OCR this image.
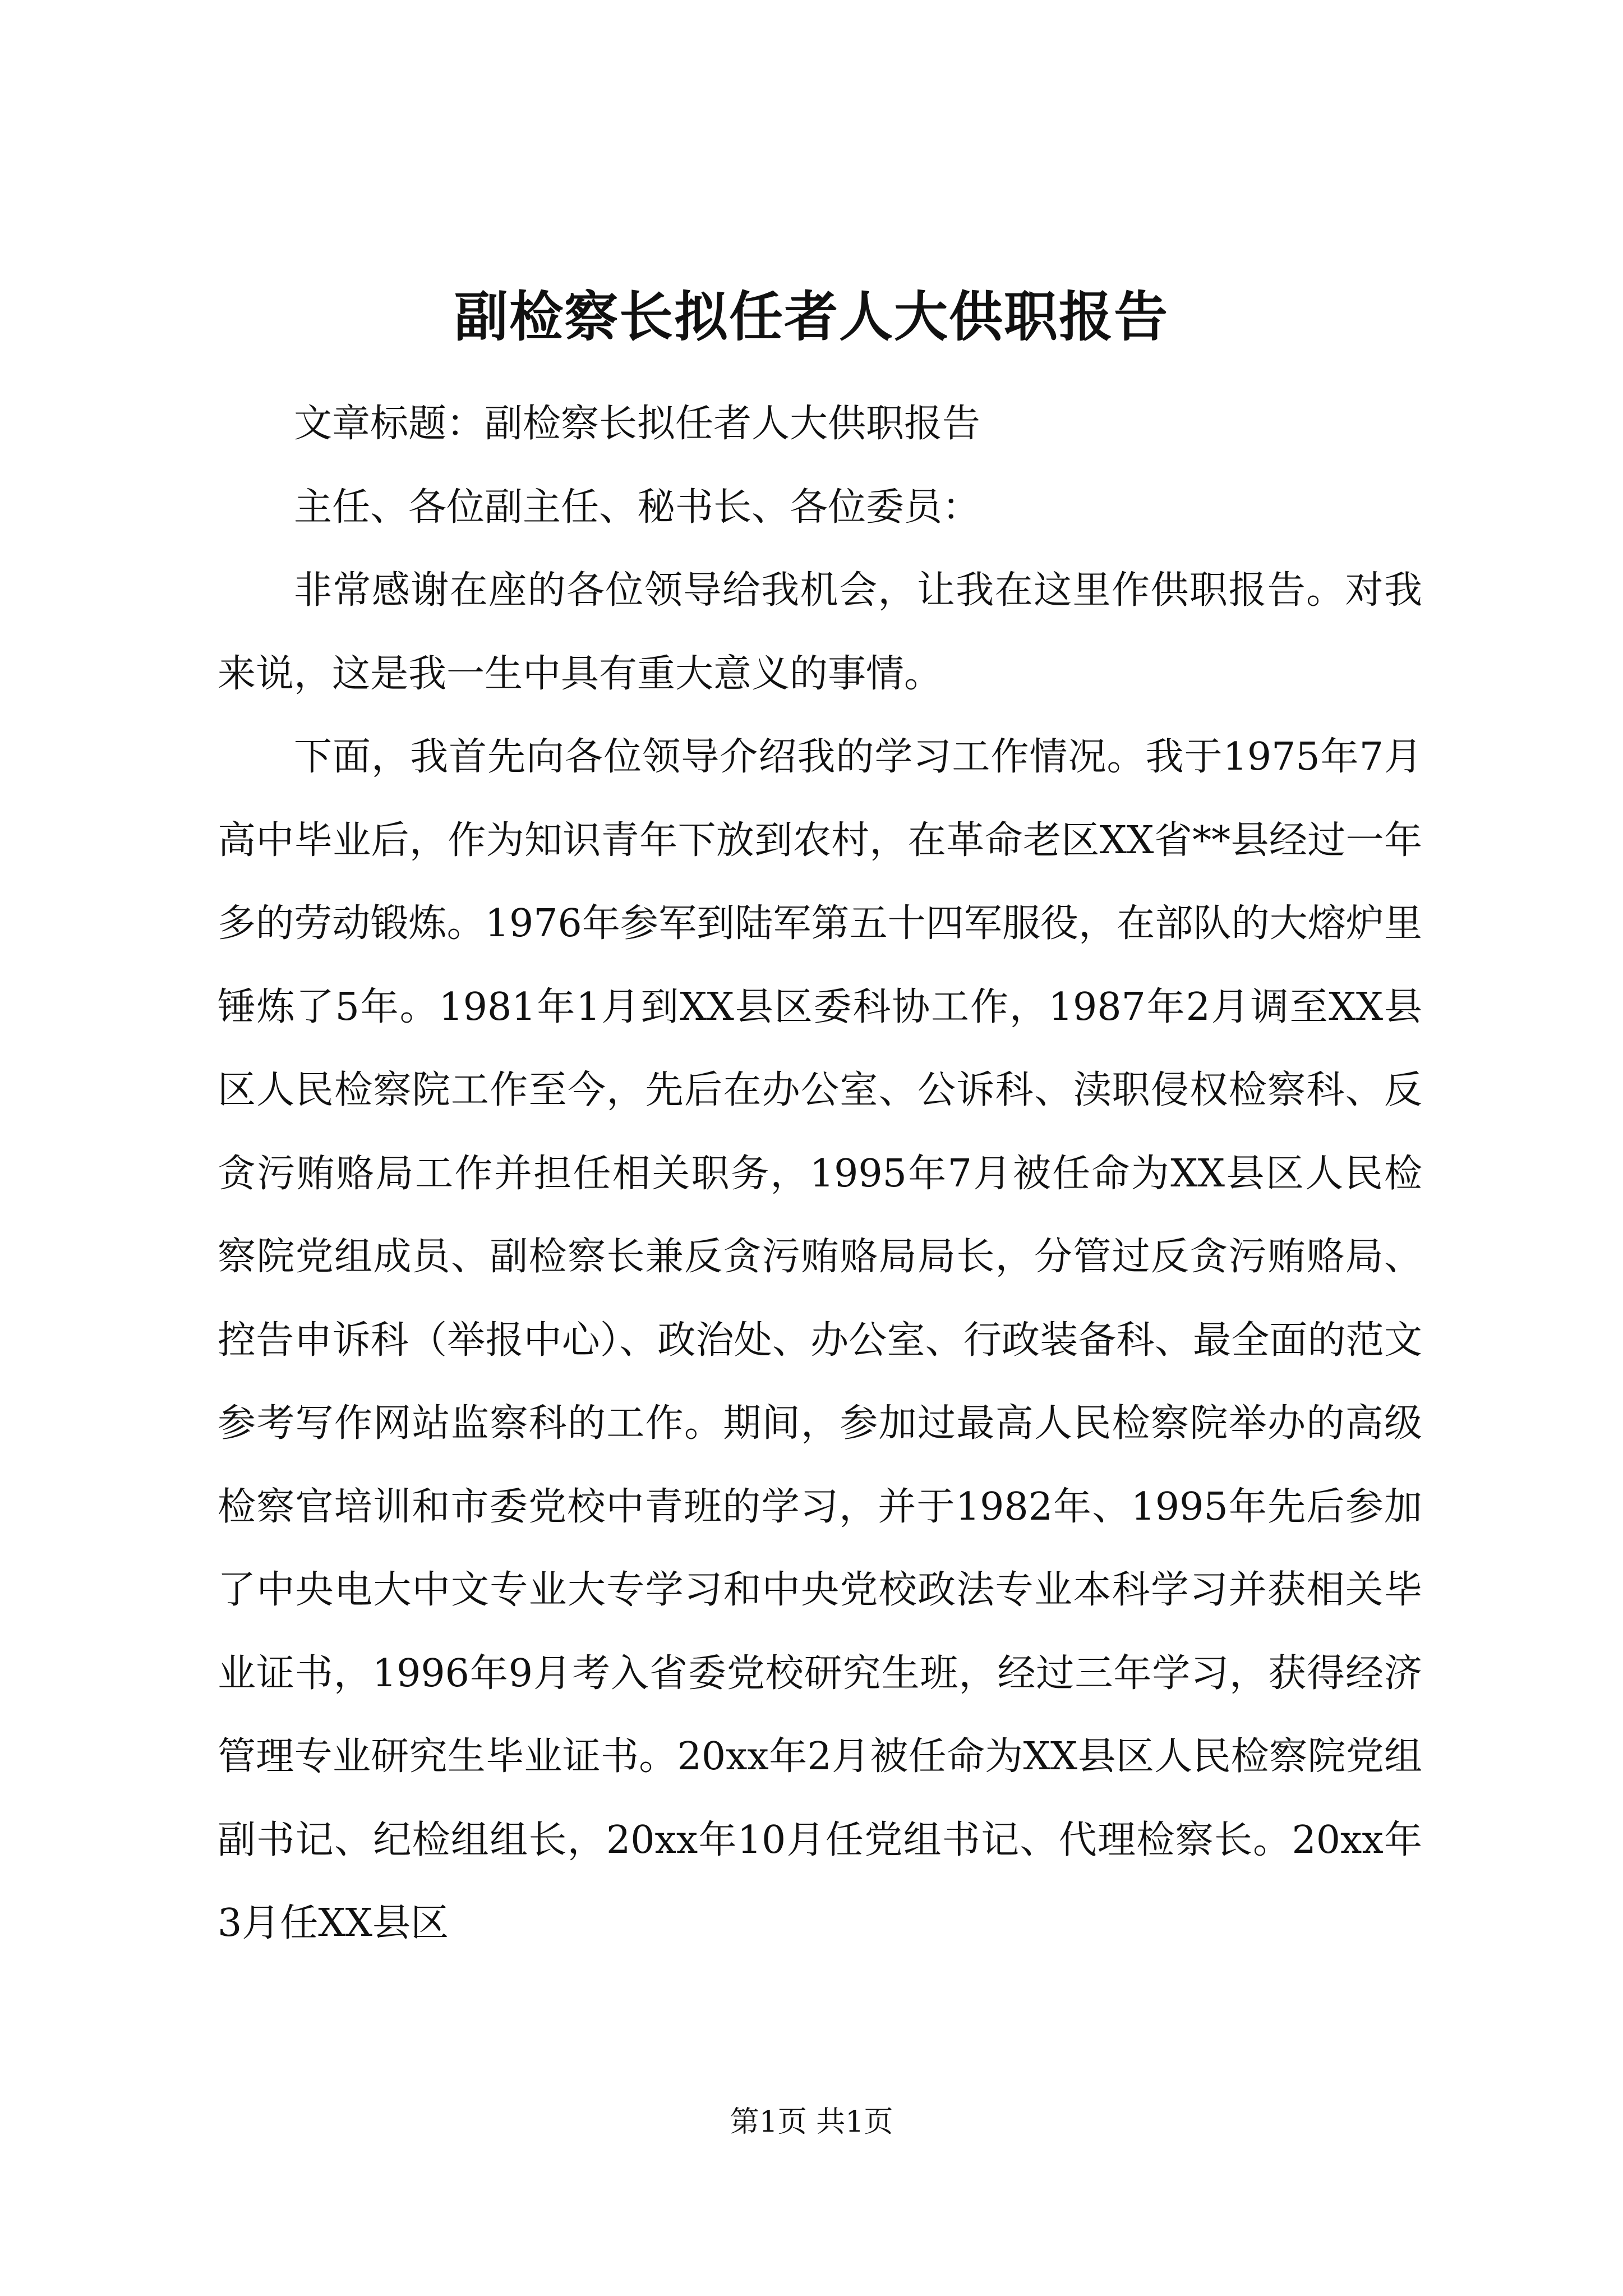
副检察长拟任者人大供职报告

文章标题：副检察长拟任者人大供职报告

主任、各位副主任、秘书长、各位委员：

非常感谢在座的各位领导给我机会，让我在这里作供职报告。对我来说，这是我一生中具有重大意义的事情。

下面，我首先向各位领导介绍我的学习工作情况。我于1975年7月高中毕业后，作为知识青年下放到农村，在革命老区XX省**县经过一年多的劳动锻炼。1976年参军到陆军第五十四军服役，在部队的大熔炉里锤炼了5年。1981年1月到XX县区委科协工作，1987年2月调至XX县区人民检察院工作至今，先后在办公室、公诉科、渎职侵权检察科、反贪污贿赂局工作并担任相关职务，1995年7月被任命为XX县区人民检察院党组成员、副检察长兼反贪污贿赂局局长，分管过反贪污贿赂局、控告申诉科（举报中心）、政治处、办公室、行政装备科、最全面的范文参考写作网站监察科的工作。期间，参加过最高人民检察院举办的高级检察官培训和市委党校中青班的学习，并于1982年、1995年先后参加了中央电大中文专业大专学习和中央党校政法专业本科学习并获相关毕业证书，1996年9月考入省委党校研究生班，经过三年学习，获得经济管理专业研究生毕业证书。20xx年2月被任命为XX县区人民检察院党组副书记、纪检组组长，20xx年10月任党组书记、代理检察长。20xx年3月任XX县区

第1页 共1页
